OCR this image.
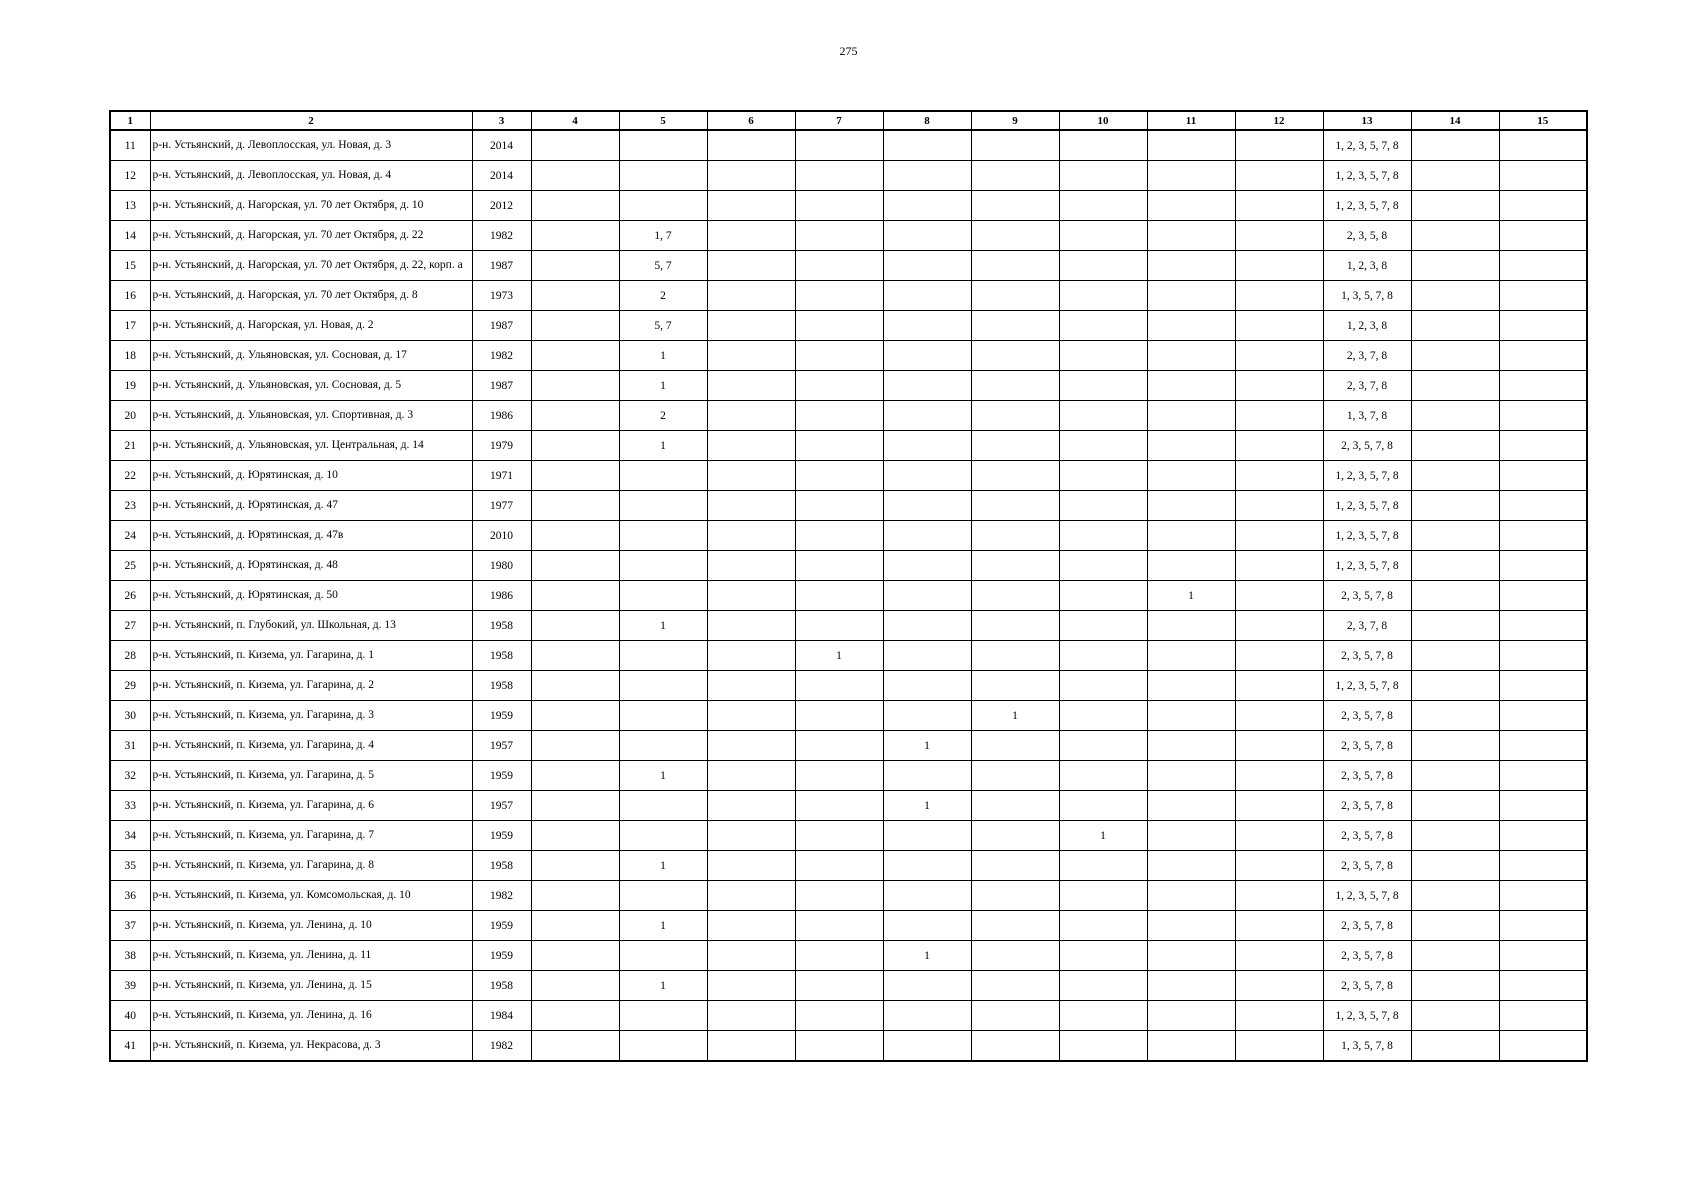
275
1	2	3	4	5	6	7	8	9	10	11	12	13	14	15
11	р-н. Устьянский, д. Левоплосская, ул. Новая, д. 3	2014										1, 2, 3, 5, 7, 8		
12	р-н. Устьянский, д. Левоплосская, ул. Новая, д. 4	2014										1, 2, 3, 5, 7, 8		
13	р-н. Устьянский, д. Нагорская, ул. 70 лет Октября, д. 10	2012										1, 2, 3, 5, 7, 8		
14	р-н. Устьянский, д. Нагорская, ул. 70 лет Октября, д. 22	1982		1, 7								2, 3, 5, 8		
15	р-н. Устьянский, д. Нагорская, ул. 70 лет Октября, д. 22, корп. а	1987		5, 7								1, 2, 3, 8		
16	р-н. Устьянский, д. Нагорская, ул. 70 лет Октября, д. 8	1973		2								1, 3, 5, 7, 8		
17	р-н. Устьянский, д. Нагорская, ул. Новая, д. 2	1987		5, 7								1, 2, 3, 8		
18	р-н. Устьянский, д. Ульяновская, ул. Сосновая, д. 17	1982		1								2, 3, 7, 8		
19	р-н. Устьянский, д. Ульяновская, ул. Сосновая, д. 5	1987		1								2, 3, 7, 8		
20	р-н. Устьянский, д. Ульяновская, ул. Спортивная, д. 3	1986		2								1, 3, 7, 8		
21	р-н. Устьянский, д. Ульяновская, ул. Центральная, д. 14	1979		1								2, 3, 5, 7, 8		
22	р-н. Устьянский, д. Юрятинская, д. 10	1971										1, 2, 3, 5, 7, 8		
23	р-н. Устьянский, д. Юрятинская, д. 47	1977										1, 2, 3, 5, 7, 8		
24	р-н. Устьянский, д. Юрятинская, д. 47в	2010										1, 2, 3, 5, 7, 8		
25	р-н. Устьянский, д. Юрятинская, д. 48	1980										1, 2, 3, 5, 7, 8		
26	р-н. Устьянский, д. Юрятинская, д. 50	1986								1		2, 3, 5, 7, 8		
27	р-н. Устьянский, п. Глубокий, ул. Школьная, д. 13	1958		1								2, 3, 7, 8		
28	р-н. Устьянский, п. Кизема, ул. Гагарина, д. 1	1958				1						2, 3, 5, 7, 8		
29	р-н. Устьянский, п. Кизема, ул. Гагарина, д. 2	1958										1, 2, 3, 5, 7, 8		
30	р-н. Устьянский, п. Кизема, ул. Гагарина, д. 3	1959						1				2, 3, 5, 7, 8		
31	р-н. Устьянский, п. Кизема, ул. Гагарина, д. 4	1957					1					2, 3, 5, 7, 8		
32	р-н. Устьянский, п. Кизема, ул. Гагарина, д. 5	1959		1								2, 3, 5, 7, 8		
33	р-н. Устьянский, п. Кизема, ул. Гагарина, д. 6	1957					1					2, 3, 5, 7, 8		
34	р-н. Устьянский, п. Кизема, ул. Гагарина, д. 7	1959							1			2, 3, 5, 7, 8		
35	р-н. Устьянский, п. Кизема, ул. Гагарина, д. 8	1958		1								2, 3, 5, 7, 8		
36	р-н. Устьянский, п. Кизема, ул. Комсомольская, д. 10	1982										1, 2, 3, 5, 7, 8		
37	р-н. Устьянский, п. Кизема, ул. Ленина, д. 10	1959		1								2, 3, 5, 7, 8		
38	р-н. Устьянский, п. Кизема, ул. Ленина, д. 11	1959					1					2, 3, 5, 7, 8		
39	р-н. Устьянский, п. Кизема, ул. Ленина, д. 15	1958		1								2, 3, 5, 7, 8		
40	р-н. Устьянский, п. Кизема, ул. Ленина, д. 16	1984										1, 2, 3, 5, 7, 8		
41	р-н. Устьянский, п. Кизема, ул. Некрасова, д. 3	1982										1, 3, 5, 7, 8		
